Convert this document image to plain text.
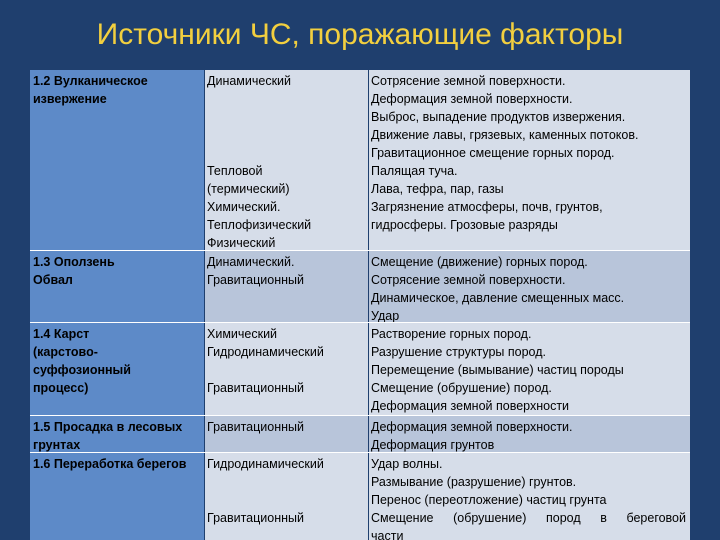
Источники ЧС, поражающие факторы

1.2 Вулканическое
извержение

Динамический
Тепловой
(термический)
Химический.
Теплофизический
Физический
Сотрясение земной поверхности.
Деформация земной поверхности.
Выброс, выпадение продуктов извержения.
Движение лавы, грязевых, каменных потоков.
Гравитационное смещение горных пород.
Палящая туча.
Лава, тефра, пар, газы
Загрязнение атмосферы, почв, грунтов,
гидросферы. Грозовые разряды

1.3 Оползень
Обвал

Динамический.
Гравитационный
Смещение (движение) горных пород.
Сотрясение земной поверхности.
Динамическое, давление смещенных масс.
Удар

1.4 Карст
(карстово-
суффозионный
процесс)

Химический
Гидродинамический
Гравитационный
Растворение горных пород.
Разрушение структуры пород.
Перемещение (вымывание) частиц породы
Смещение (обрушение) пород.
Деформация земной поверхности

1.5 Просадка в лесовых
грунтах

Гравитационный	Деформация земной поверхности.
Деформация грунтов

1.6 Переработка берегов	Гидродинамический
Гравитационный
Удар волны.
Размывание (разрушение) грунтов.
Перенос (переотложение) частиц грунта
Смещение (обрушение) пород в береговой
части
